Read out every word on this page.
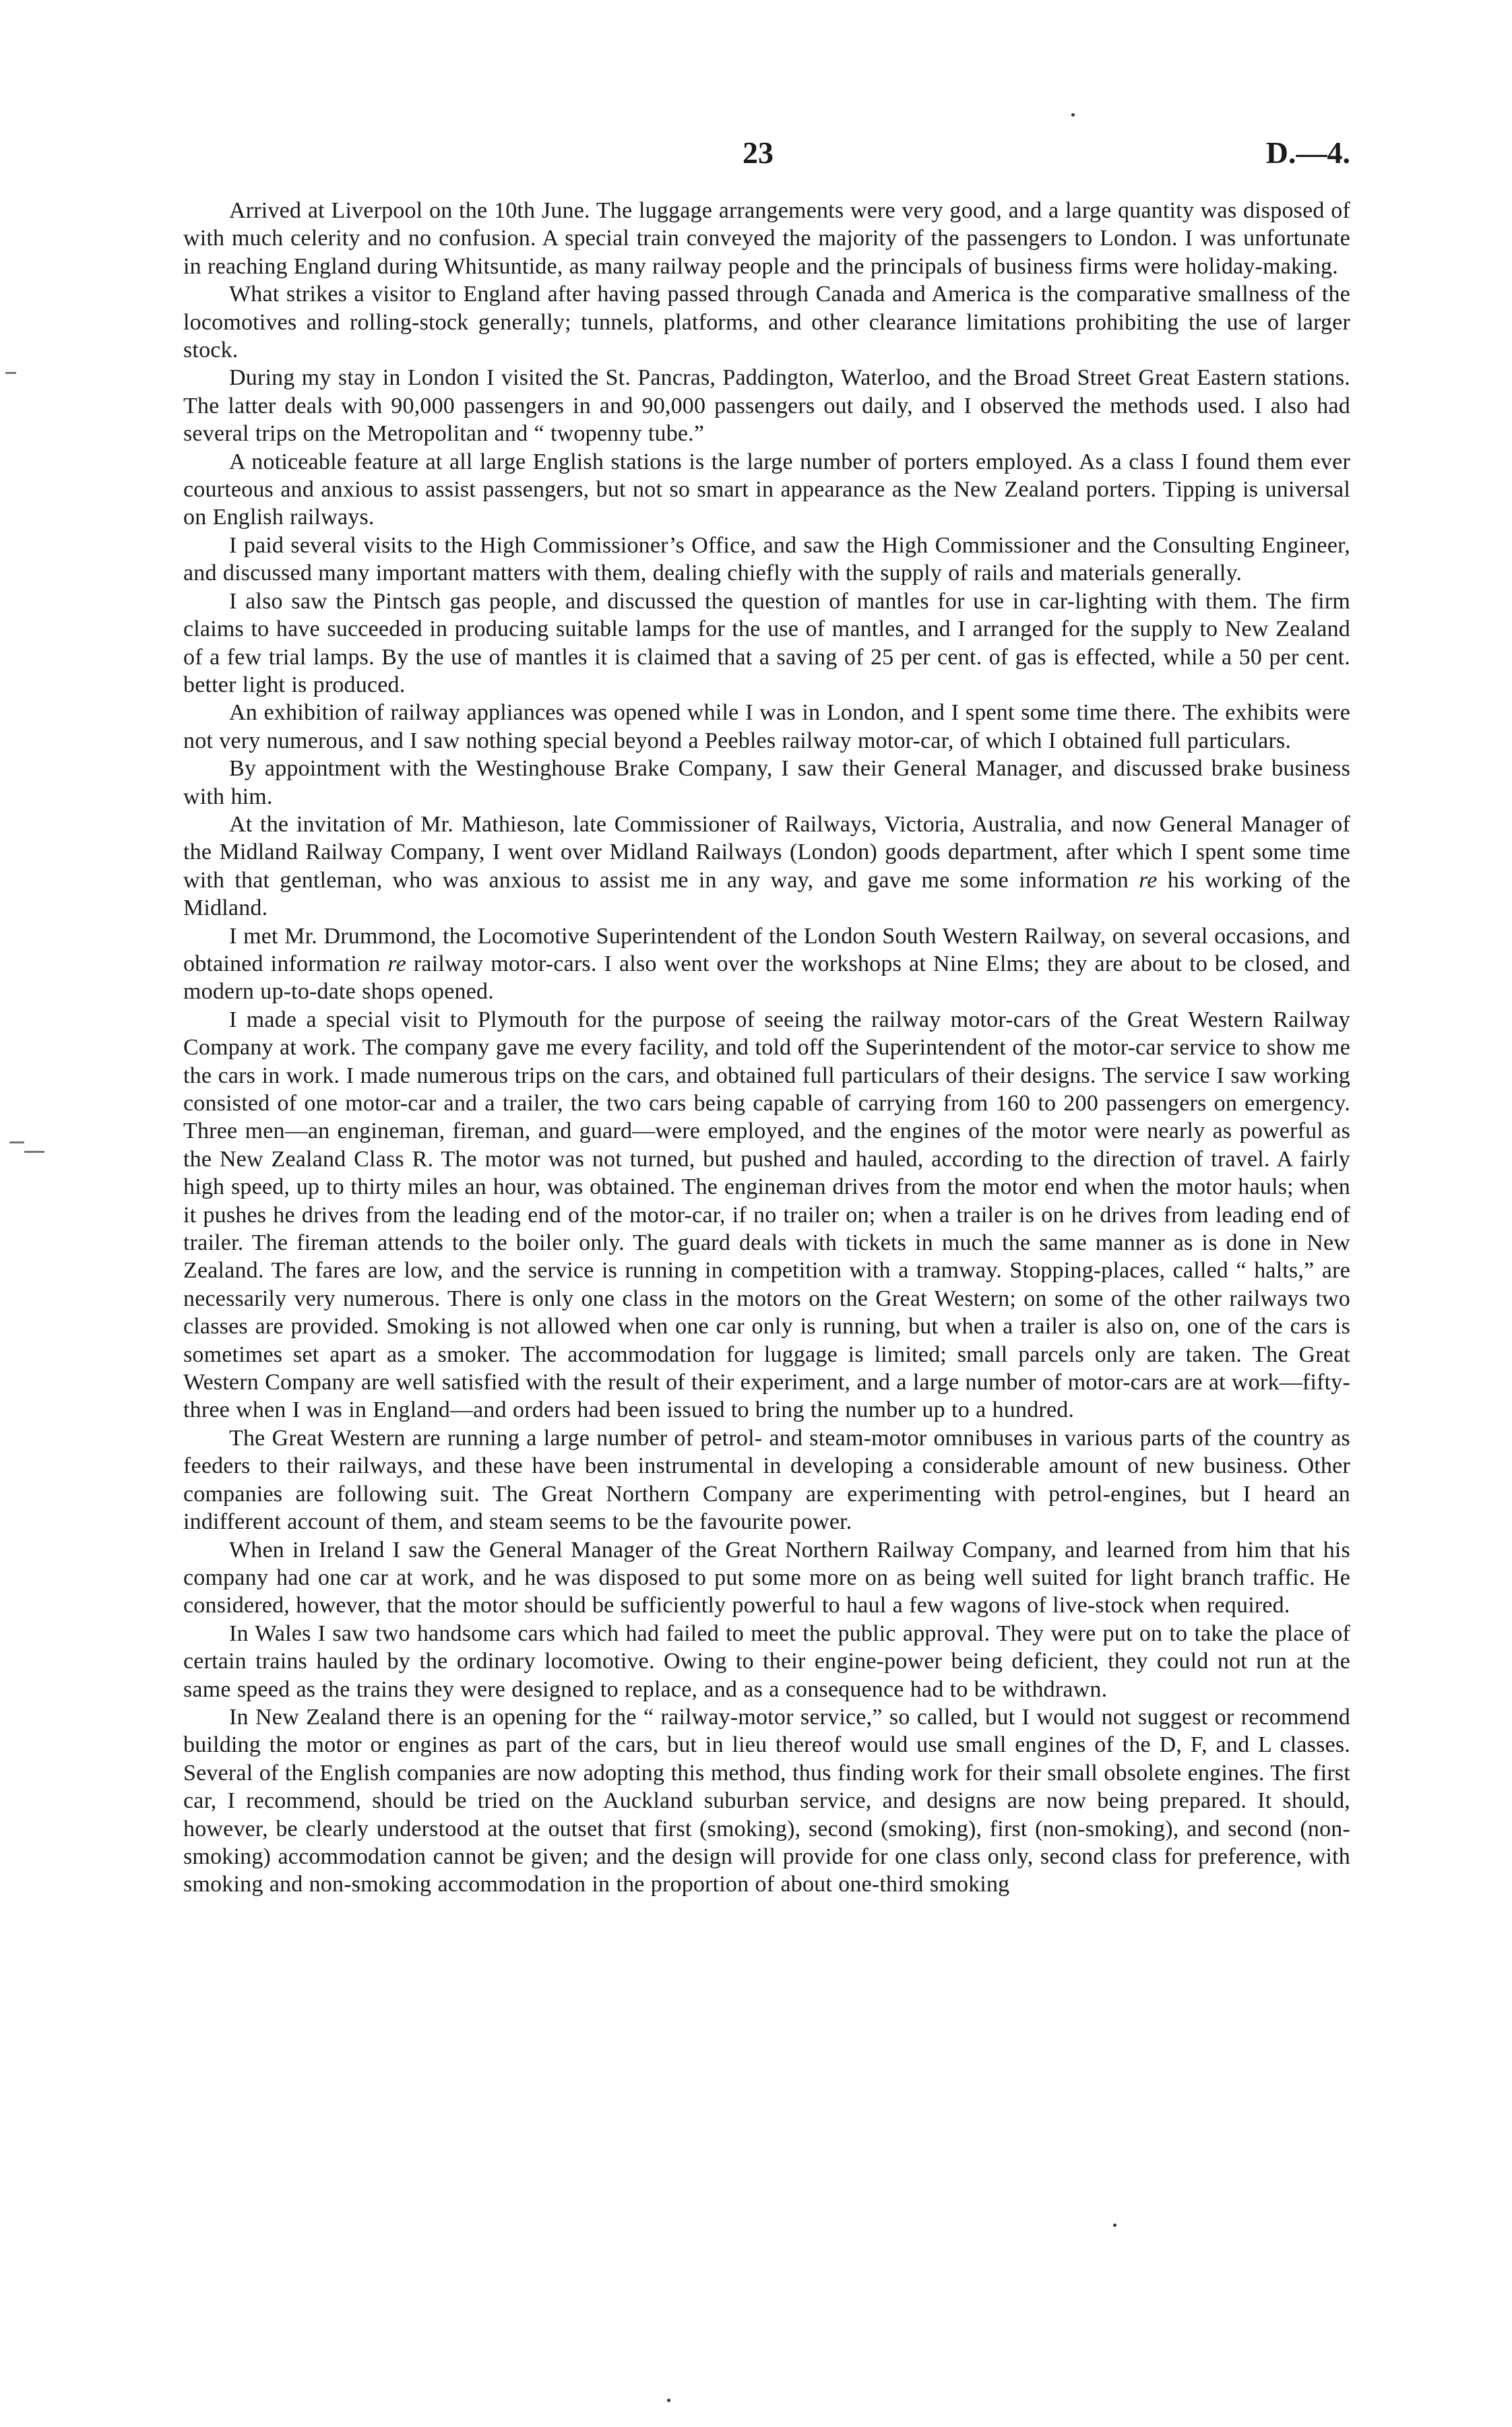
23	D.—4.

Arrived at Liverpool on the 10th June. The luggage arrangements were very good, and a large quantity was disposed of with much celerity and no confusion. A special train conveyed the majority of the passengers to London. I was unfortunate in reaching England during Whitsuntide, as many railway people and the principals of business firms were holiday-making.

What strikes a visitor to England after having passed through Canada and America is the comparative smallness of the locomotives and rolling-stock generally; tunnels, platforms, and other clearance limitations prohibiting the use of larger stock.

During my stay in London I visited the St. Pancras, Paddington, Waterloo, and the Broad Street Great Eastern stations. The latter deals with 90,000 passengers in and 90,000 passengers out daily, and I observed the methods used. I also had several trips on the Metropolitan and “ twopenny tube.”

A noticeable feature at all large English stations is the large number of porters employed. As a class I found them ever courteous and anxious to assist passengers, but not so smart in appearance as the New Zealand porters. Tipping is universal on English railways.

I paid several visits to the High Commissioner’s Office, and saw the High Commissioner and the Consulting Engineer, and discussed many important matters with them, dealing chiefly with the supply of rails and materials generally.

I also saw the Pintsch gas people, and discussed the question of mantles for use in car-lighting with them. The firm claims to have succeeded in producing suitable lamps for the use of mantles, and I arranged for the supply to New Zealand of a few trial lamps. By the use of mantles it is claimed that a saving of 25 per cent. of gas is effected, while a 50 per cent. better light is produced.

An exhibition of railway appliances was opened while I was in London, and I spent some time there. The exhibits were not very numerous, and I saw nothing special beyond a Peebles railway motor-car, of which I obtained full particulars.

By appointment with the Westinghouse Brake Company, I saw their General Manager, and discussed brake business with him.

At the invitation of Mr. Mathieson, late Commissioner of Railways, Victoria, Australia, and now General Manager of the Midland Railway Company, I went over Midland Railways (London) goods department, after which I spent some time with that gentleman, who was anxious to assist me in any way, and gave me some information re his working of the Midland.

I met Mr. Drummond, the Locomotive Superintendent of the London South Western Railway, on several occasions, and obtained information re railway motor-cars. I also went over the workshops at Nine Elms; they are about to be closed, and modern up-to-date shops opened.

I made a special visit to Plymouth for the purpose of seeing the railway motor-cars of the Great Western Railway Company at work. The company gave me every facility, and told off the Superintendent of the motor-car service to show me the cars in work. I made numerous trips on the cars, and obtained full particulars of their designs. The service I saw working consisted of one motor-car and a trailer, the two cars being capable of carrying from 160 to 200 passengers on emergency. Three men—an engineman, fireman, and guard—were employed, and the engines of the motor were nearly as powerful as the New Zealand Class R. The motor was not turned, but pushed and hauled, according to the direction of travel. A fairly high speed, up to thirty miles an hour, was obtained. The engineman drives from the motor end when the motor hauls; when it pushes he drives from the leading end of the motor-car, if no trailer on; when a trailer is on he drives from leading end of trailer. The fireman attends to the boiler only. The guard deals with tickets in much the same manner as is done in New Zealand. The fares are low, and the service is running in competition with a tramway. Stopping-places, called “ halts,” are necessarily very numerous. There is only one class in the motors on the Great Western; on some of the other railways two classes are provided. Smoking is not allowed when one car only is running, but when a trailer is also on, one of the cars is sometimes set apart as a smoker. The accommodation for luggage is limited; small parcels only are taken. The Great Western Company are well satisfied with the result of their experiment, and a large number of motor-cars are at work—fifty-three when I was in England—and orders had been issued to bring the number up to a hundred.

The Great Western are running a large number of petrol- and steam-motor omnibuses in various parts of the country as feeders to their railways, and these have been instrumental in developing a considerable amount of new business. Other companies are following suit. The Great Northern Company are experimenting with petrol-engines, but I heard an indifferent account of them, and steam seems to be the favourite power.

When in Ireland I saw the General Manager of the Great Northern Railway Company, and learned from him that his company had one car at work, and he was disposed to put some more on as being well suited for light branch traffic. He considered, however, that the motor should be sufficiently powerful to haul a few wagons of live-stock when required.

In Wales I saw two handsome cars which had failed to meet the public approval. They were put on to take the place of certain trains hauled by the ordinary locomotive. Owing to their engine-power being deficient, they could not run at the same speed as the trains they were designed to replace, and as a consequence had to be withdrawn.

In New Zealand there is an opening for the “ railway-motor service,” so called, but I would not suggest or recommend building the motor or engines as part of the cars, but in lieu thereof would use small engines of the D, F, and L classes. Several of the English companies are now adopting this method, thus finding work for their small obsolete engines. The first car, I recommend, should be tried on the Auckland suburban service, and designs are now being prepared. It should, however, be clearly understood at the outset that first (smoking), second (smoking), first (non-smoking), and second (non-smoking) accommodation cannot be given; and the design will provide for one class only, second class for preference, with smoking and non-smoking accommodation in the proportion of about one-third smoking
